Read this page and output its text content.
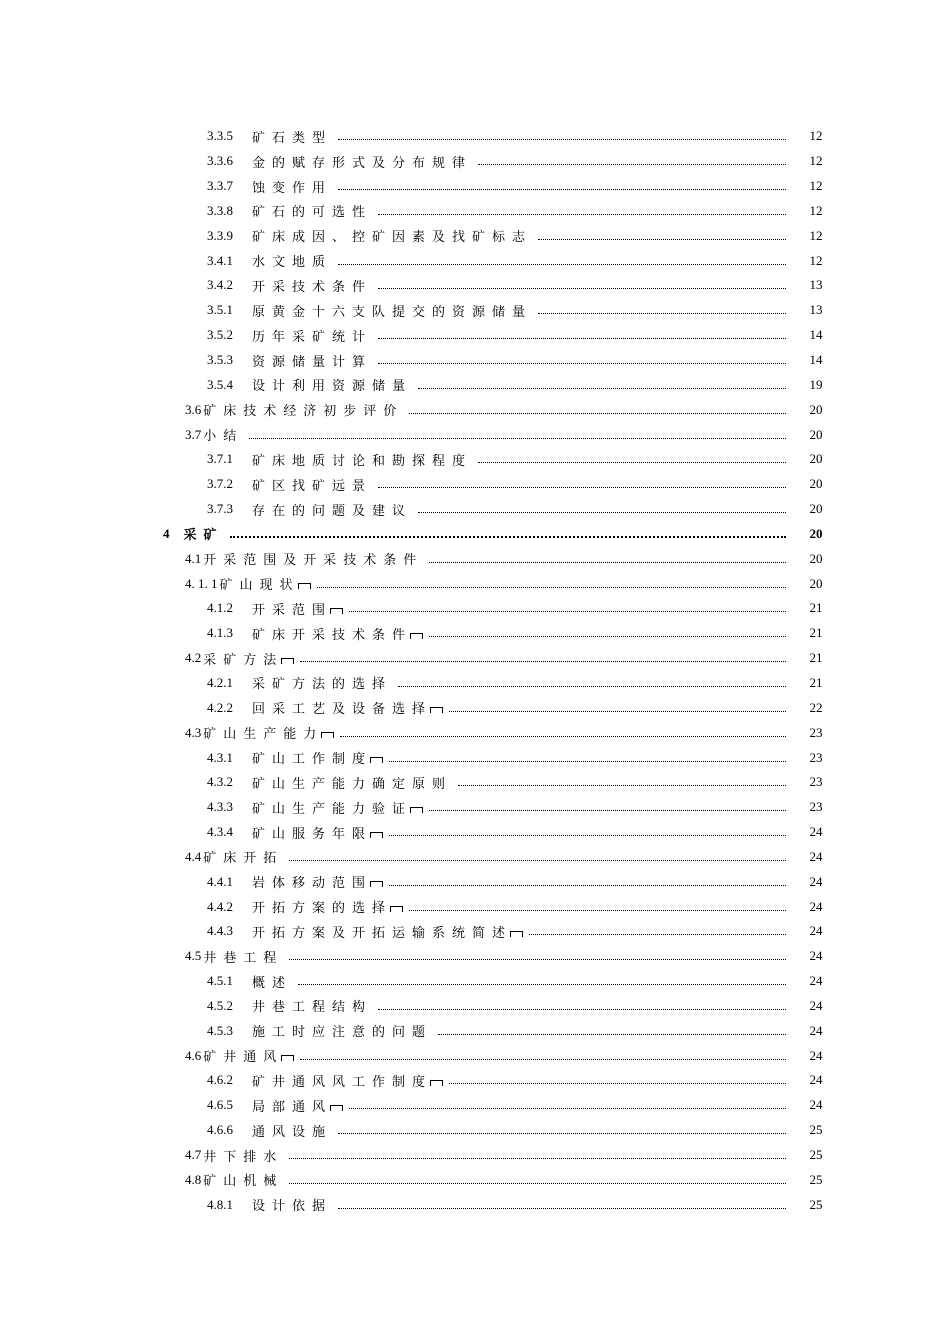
3.3.5	矿石类型	12
3.3.6	金的赋存形式及分布规律	12
3.3.7	蚀变作用	12
3.3.8	矿石的可选性	12
3.3.9	矿床成因、控矿因素及找矿标志	12
3.4.1	水文地质	12
3.4.2	开采技术条件	13
3.5.1	原黄金十六支队提交的资源储量	13
3.5.2	历年采矿统计	14
3.5.3	资源储量计算	14
3.5.4	设计利用资源储量	19
3.6 矿床技术经济初步评价	20
3.7 小结	20
3.7.1	矿床地质讨论和勘探程度	20
3.7.2	矿区找矿远景	20
3.7.3	存在的问题及建议	20
4 采矿	20
4.1 开采范围及开采技术条件	20
4. 1. 1 矿山现状	20
4.1.2	开采范围	21
4.1.3	矿床开采技术条件	21
4.2 采矿方法	21
4.2.1	采矿方法的选择	21
4.2.2	回采工艺及设备选择	22
4.3 矿山生产能力	23
4.3.1	矿山工作制度	23
4.3.2	矿山生产能力确定原则	23
4.3.3	矿山生产能力验证	23
4.3.4	矿山服务年限	24
4.4 矿床开拓	24
4.4.1	岩体移动范围	24
4.4.2	开拓方案的选择	24
4.4.3	开拓方案及开拓运输系统简述	24
4.5 井巷工程	24
4.5.1	概述	24
4.5.2	井巷工程结构	24
4.5.3	施工时应注意的问题	24
4.6 矿井通风	24
4.6.2	矿井通风风工作制度	24
4.6.5	局部通风	24
4.6.6	通风设施	25
4.7 井下排水	25
4.8 矿山机械	25
4.8.1	设计依据	25
